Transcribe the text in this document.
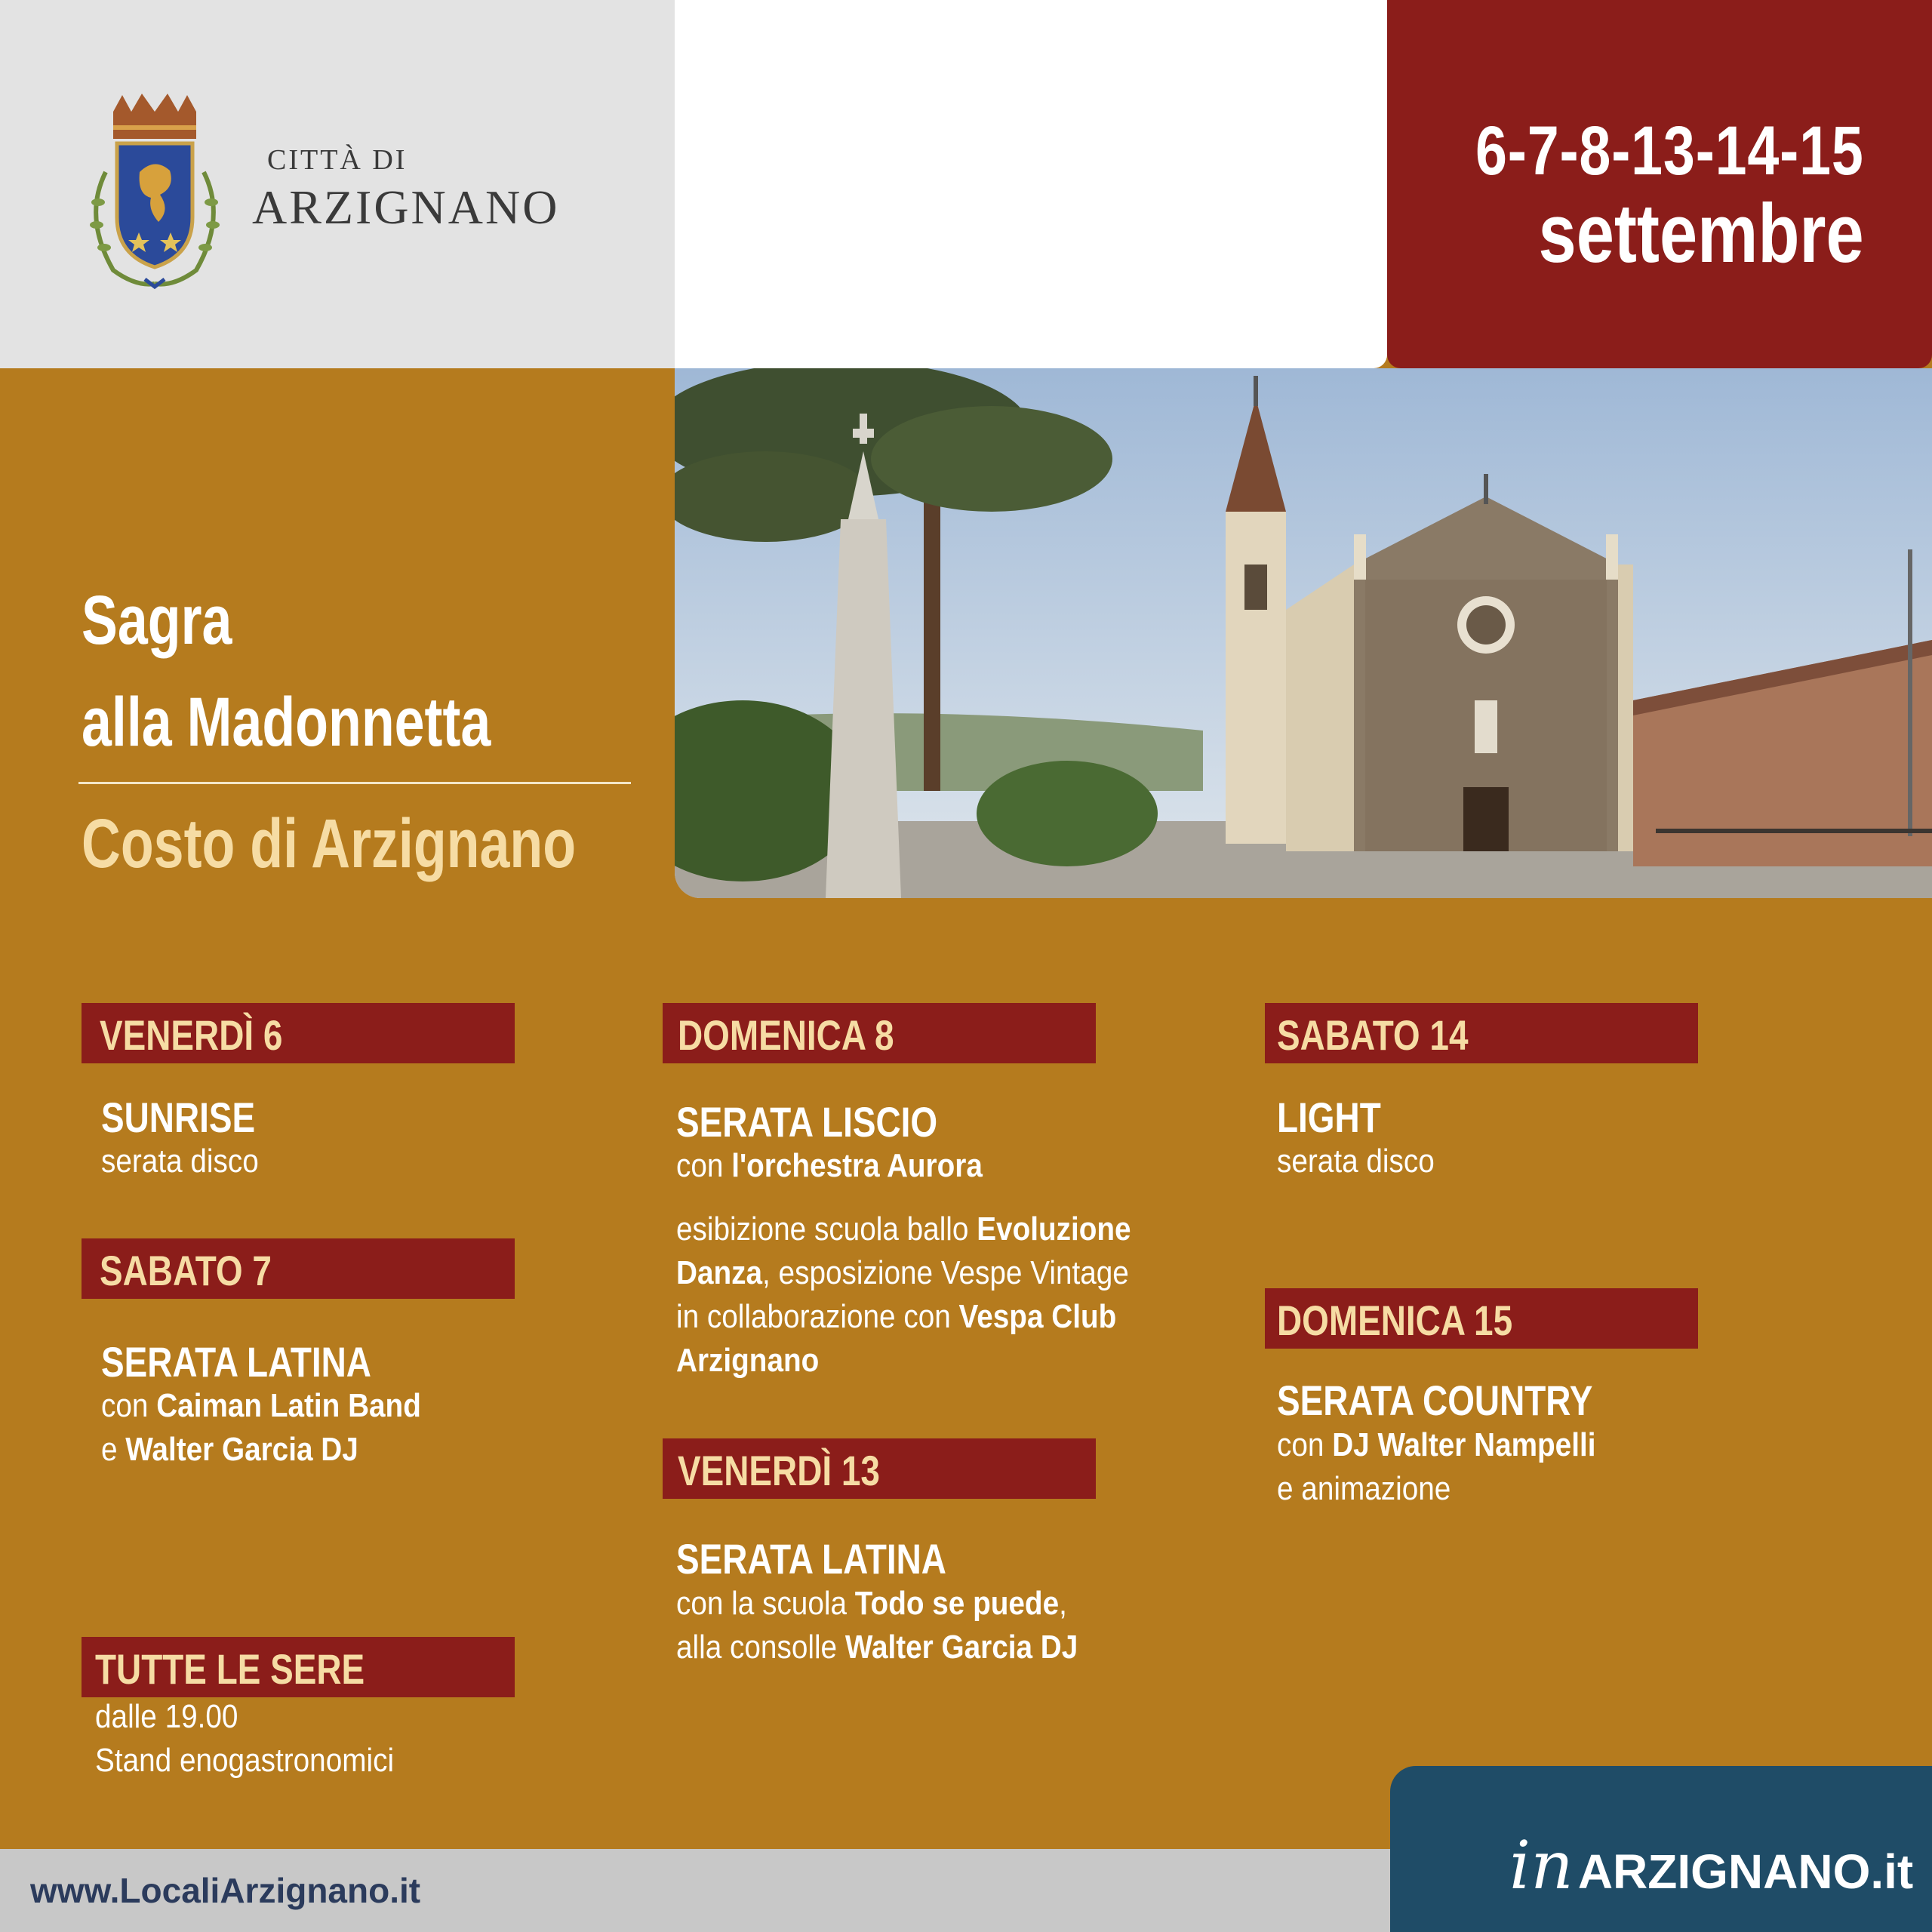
CITTÀ DI
ARZIGNANO
6-7-8-13-14-15
settembre
Sagra
alla Madonnetta
Costo di Arzignano
VENERDÌ 6
SUNRISE
serata disco
SABATO 7
SERATA LATINA
con Caiman Latin Band
e Walter Garcia DJ
TUTTE LE SERE
dalle 19.00
Stand enogastronomici
DOMENICA 8
SERATA LISCIO
con l'orchestra Aurora
esibizione scuola ballo Evoluzione
Danza, esposizione Vespe Vintage
in collaborazione con Vespa Club
Arzignano
VENERDÌ 13
SERATA LATINA
con la scuola Todo se puede,
alla consolle Walter Garcia DJ
SABATO 14
LIGHT
serata disco
DOMENICA 15
SERATA COUNTRY
con DJ Walter Nampelli
e animazione
www.LocaliArzignano.it	inARZIGNANO.it
